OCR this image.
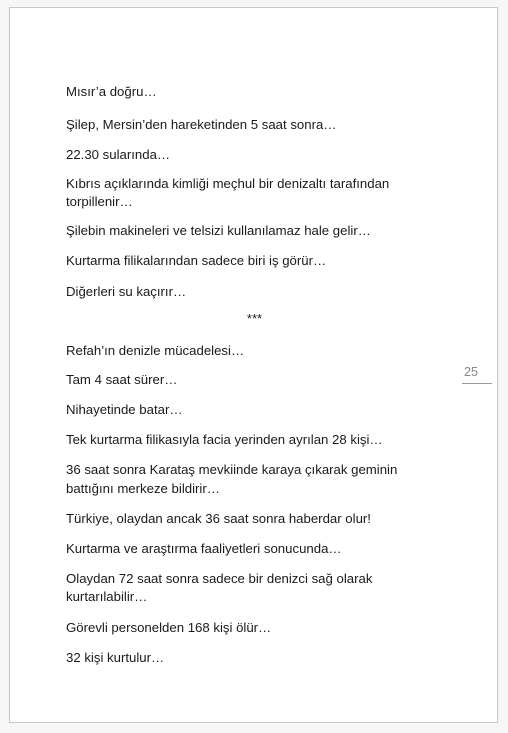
Mısır’a doğru…

Şilep, Mersin’den hareketinden 5 saat sonra…

22.30 sularında…

Kıbrıs açıklarında kimliği meçhul bir denizaltı tarafından

torpillenir…

Şilebin makineleri ve telsizi kullanılamaz hale gelir…

Kurtarma filikalarından sadece biri iş görür…

Diğerleri su kaçırır…

***

Refah’ın denizle mücadelesi…

Tam 4 saat sürer…

Nihayetinde batar…

Tek kurtarma filikasıyla facia yerinden ayrılan 28 kişi…

36 saat sonra Karataş mevkiinde karaya çıkarak geminin

battığını merkeze bildirir…

Türkiye, olaydan ancak 36 saat sonra haberdar olur!

Kurtarma ve araştırma faaliyetleri sonucunda…

Olaydan 72 saat sonra sadece bir denizci sağ olarak

kurtarılabilir…

Görevli personelden 168 kişi ölür…

32 kişi kurtulur…

25
